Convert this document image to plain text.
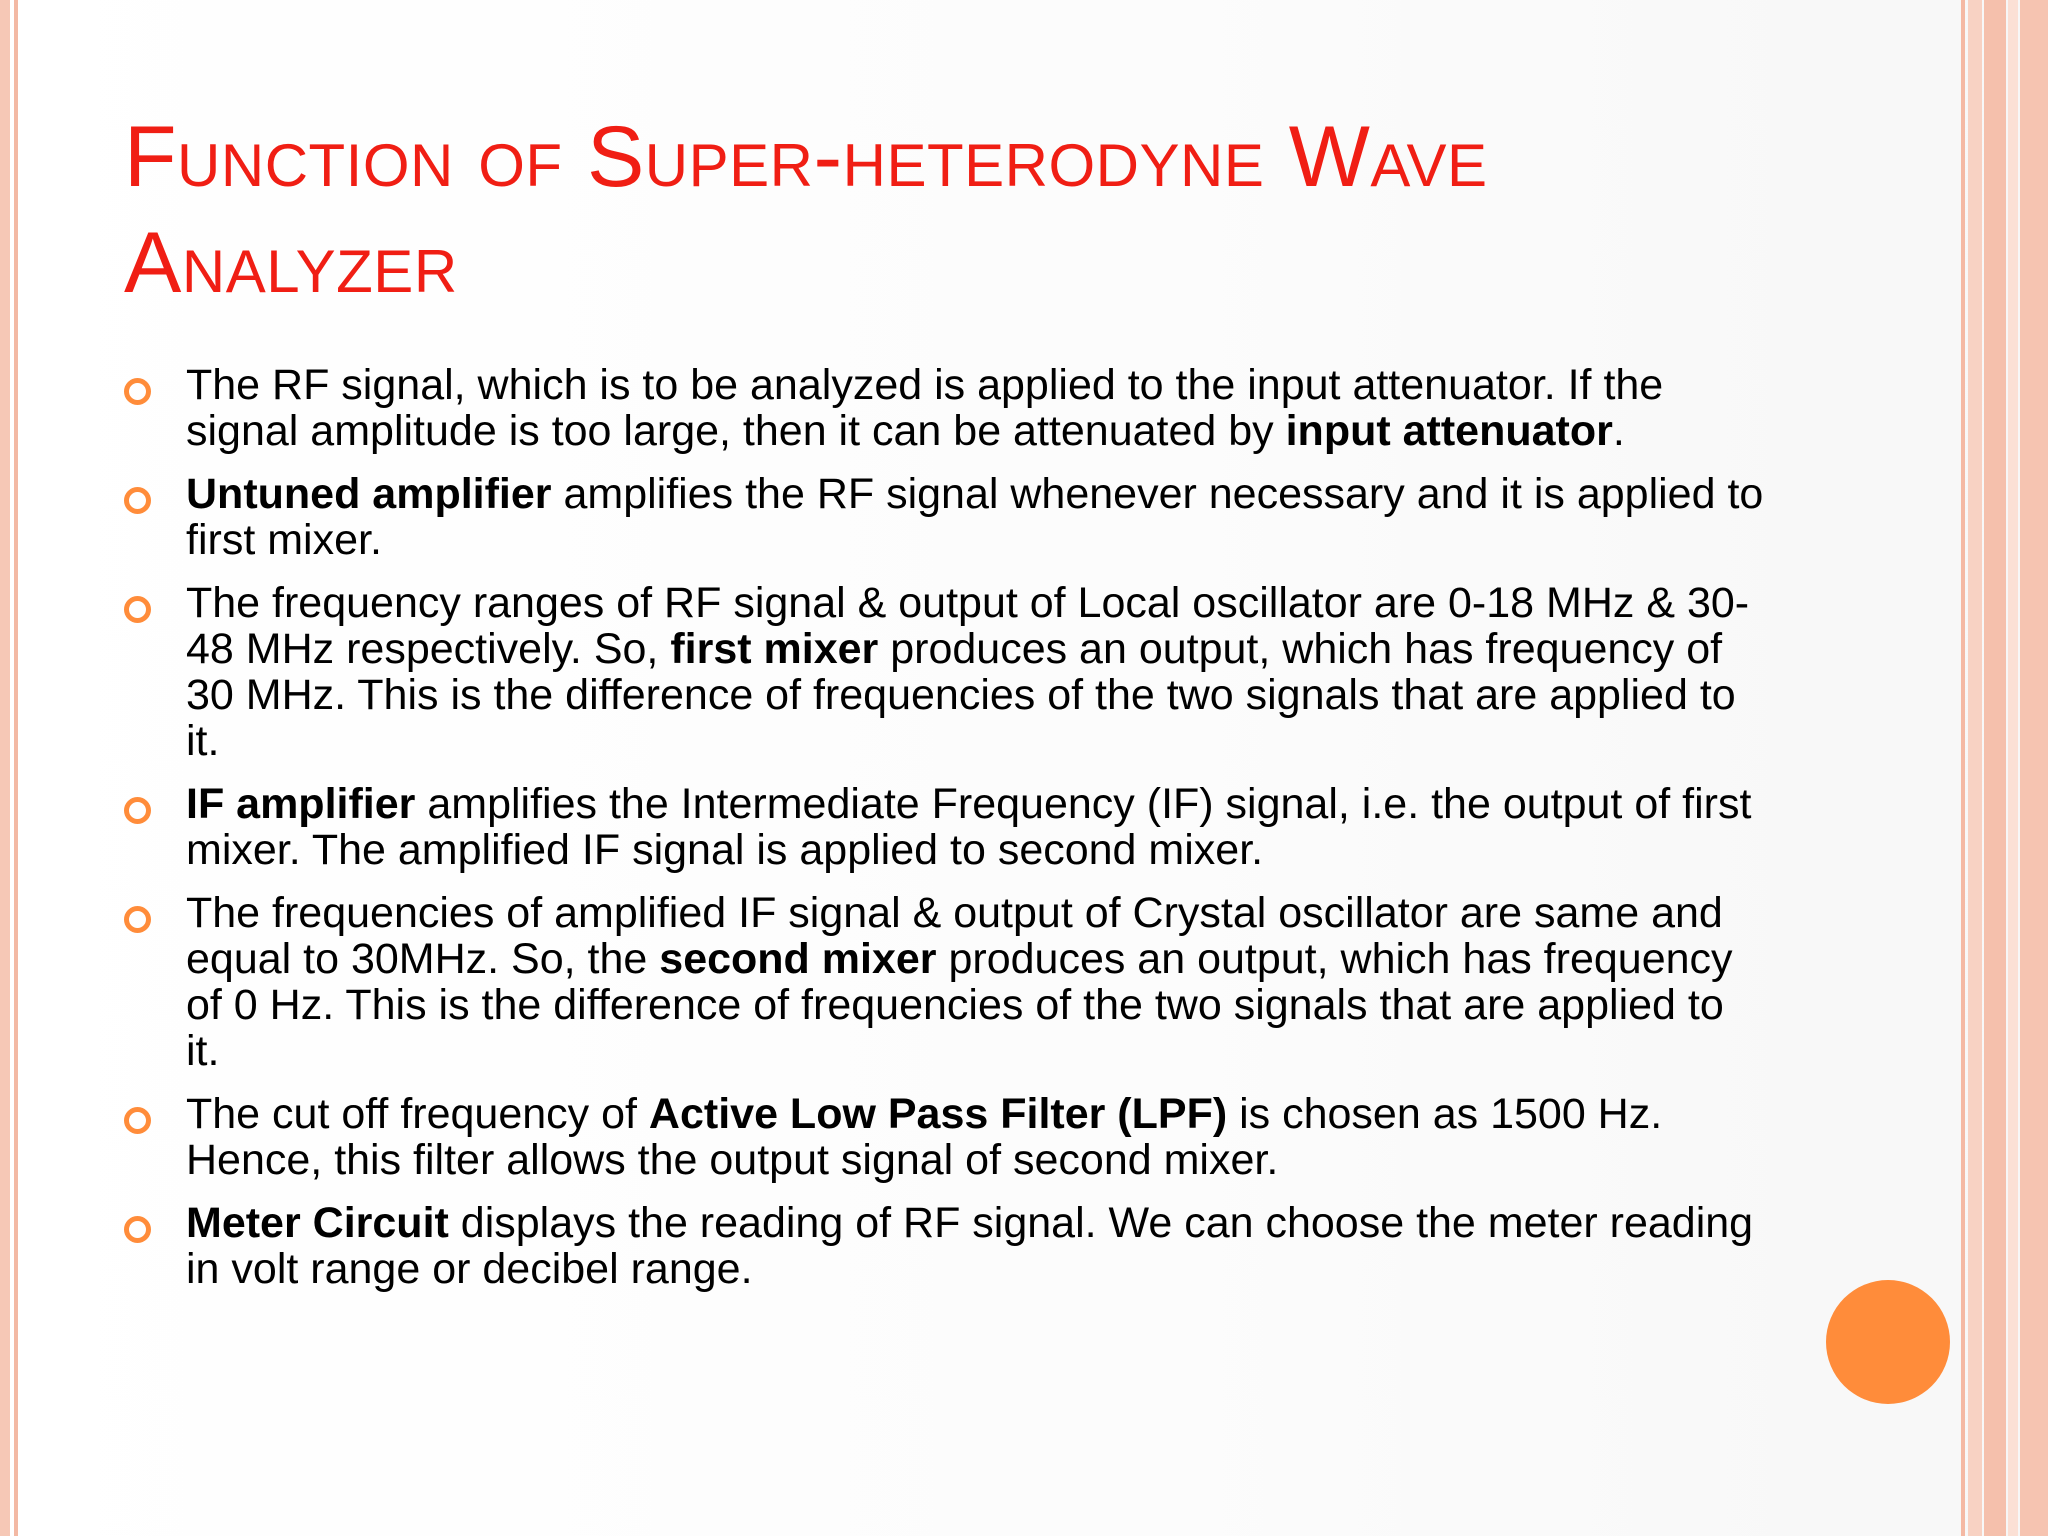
Function of Super-heterodyne Wave Analyzer
The RF signal, which is to be analyzed is applied to the input attenuator. If the signal amplitude is too large, then it can be attenuated by input attenuator.
Untuned amplifier amplifies the RF signal whenever necessary and it is applied to first mixer.
The frequency ranges of RF signal & output of Local oscillator are 0-18 MHz & 30-48 MHz respectively. So, first mixer produces an output, which has frequency of 30 MHz. This is the difference of frequencies of the two signals that are applied to it.
IF amplifier amplifies the Intermediate Frequency (IF) signal, i.e. the output of first mixer. The amplified IF signal is applied to second mixer.
The frequencies of amplified IF signal & output of Crystal oscillator are same and equal to 30MHz. So, the second mixer produces an output, which has frequency of 0 Hz. This is the difference of frequencies of the two signals that are applied to it.
The cut off frequency of Active Low Pass Filter (LPF) is chosen as 1500 Hz. Hence, this filter allows the output signal of second mixer.
Meter Circuit displays the reading of RF signal. We can choose the meter reading in volt range or decibel range.
